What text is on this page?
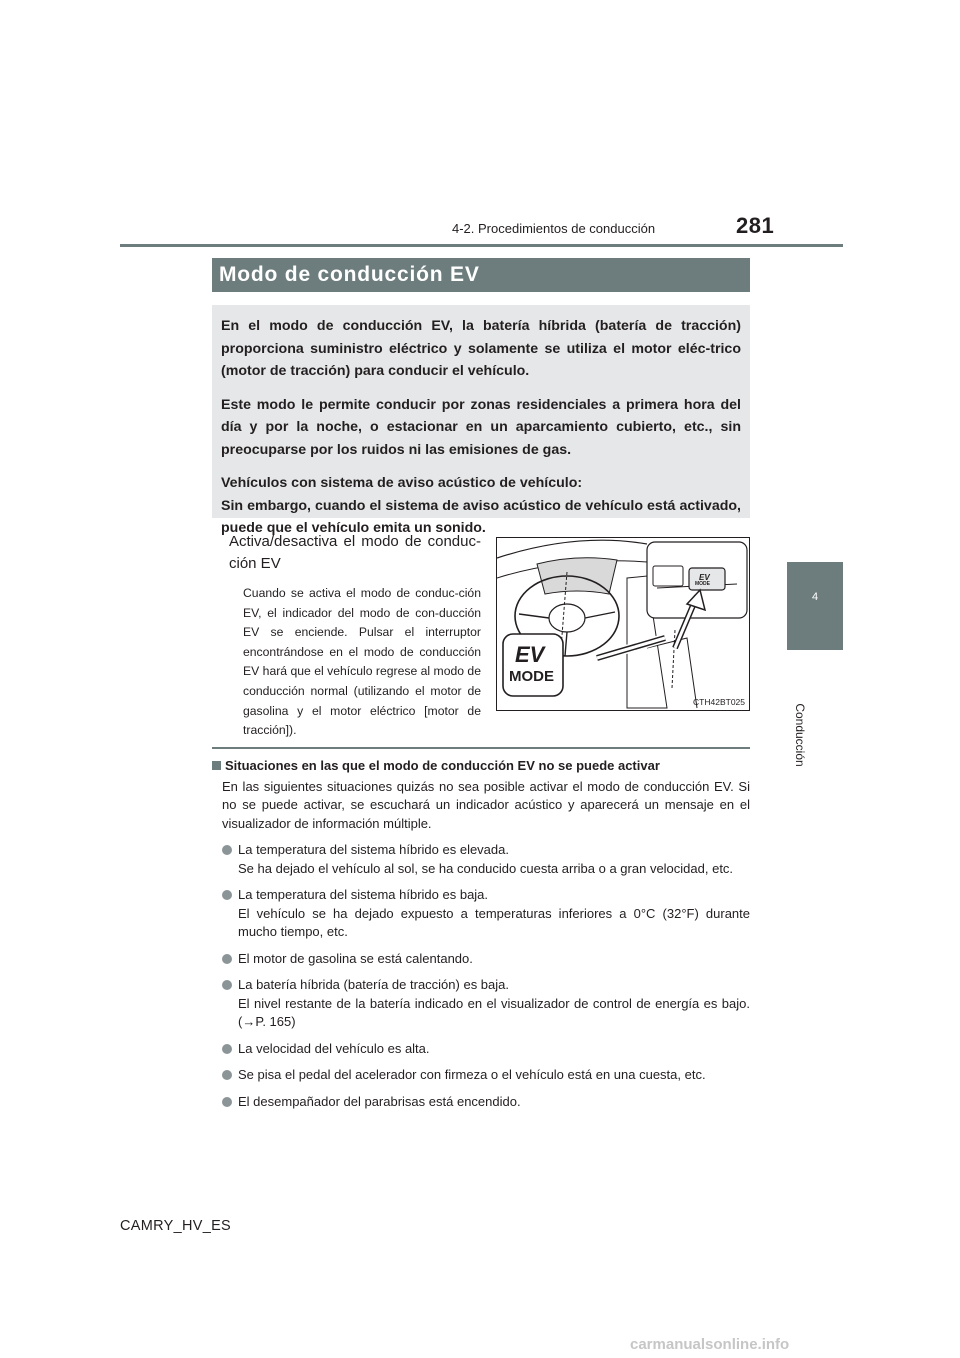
4-2. Procedimientos de conducción	281
4
Conducción
Modo de conducción EV

En el modo de conducción EV, la batería híbrida (batería de tracción) proporciona suministro eléctrico y solamente se utiliza el motor eléc-trico (motor de tracción) para conducir el vehículo.

Este modo le permite conducir por zonas residenciales a primera hora del día y por la noche, o estacionar en un aparcamiento cubierto, etc., sin preocuparse por los ruidos ni las emisiones de gas.

Vehículos con sistema de aviso acústico de vehículo:
Sin embargo, cuando el sistema de aviso acústico de vehículo está activado, puede que el vehículo emita un sonido.

Activa/desactiva el modo de conduc-ción EV

Cuando se activa el modo de conduc-ción EV, el indicador del modo de con-ducción EV se enciende. Pulsar el interruptor encontrándose en el modo de conducción EV hará que el vehículo regrese al modo de conducción normal (utilizando el motor de gasolina y el motor eléctrico [motor de tracción]).

EV
MODE
EV
MODE
CTH42BT025

Situaciones en las que el modo de conducción EV no se puede activar

En las siguientes situaciones quizás no sea posible activar el modo de conducción EV. Si no se puede activar, se escuchará un indicador acústico y aparecerá un mensaje en el visualizador de información múltiple.

La temperatura del sistema híbrido es elevada.
Se ha dejado el vehículo al sol, se ha conducido cuesta arriba o a gran velocidad, etc.
La temperatura del sistema híbrido es baja.
El vehículo se ha dejado expuesto a temperaturas inferiores a 0°C (32°F) durante mucho tiempo, etc.
El motor de gasolina se está calentando.
La batería híbrida (batería de tracción) es baja.
El nivel restante de la batería indicado en el visualizador de control de energía es bajo. (→P. 165)
La velocidad del vehículo es alta.
Se pisa el pedal del acelerador con firmeza o el vehículo está en una cuesta, etc.
El desempañador del parabrisas está encendido.
CAMRY_HV_ES
carmanualsonline.info
